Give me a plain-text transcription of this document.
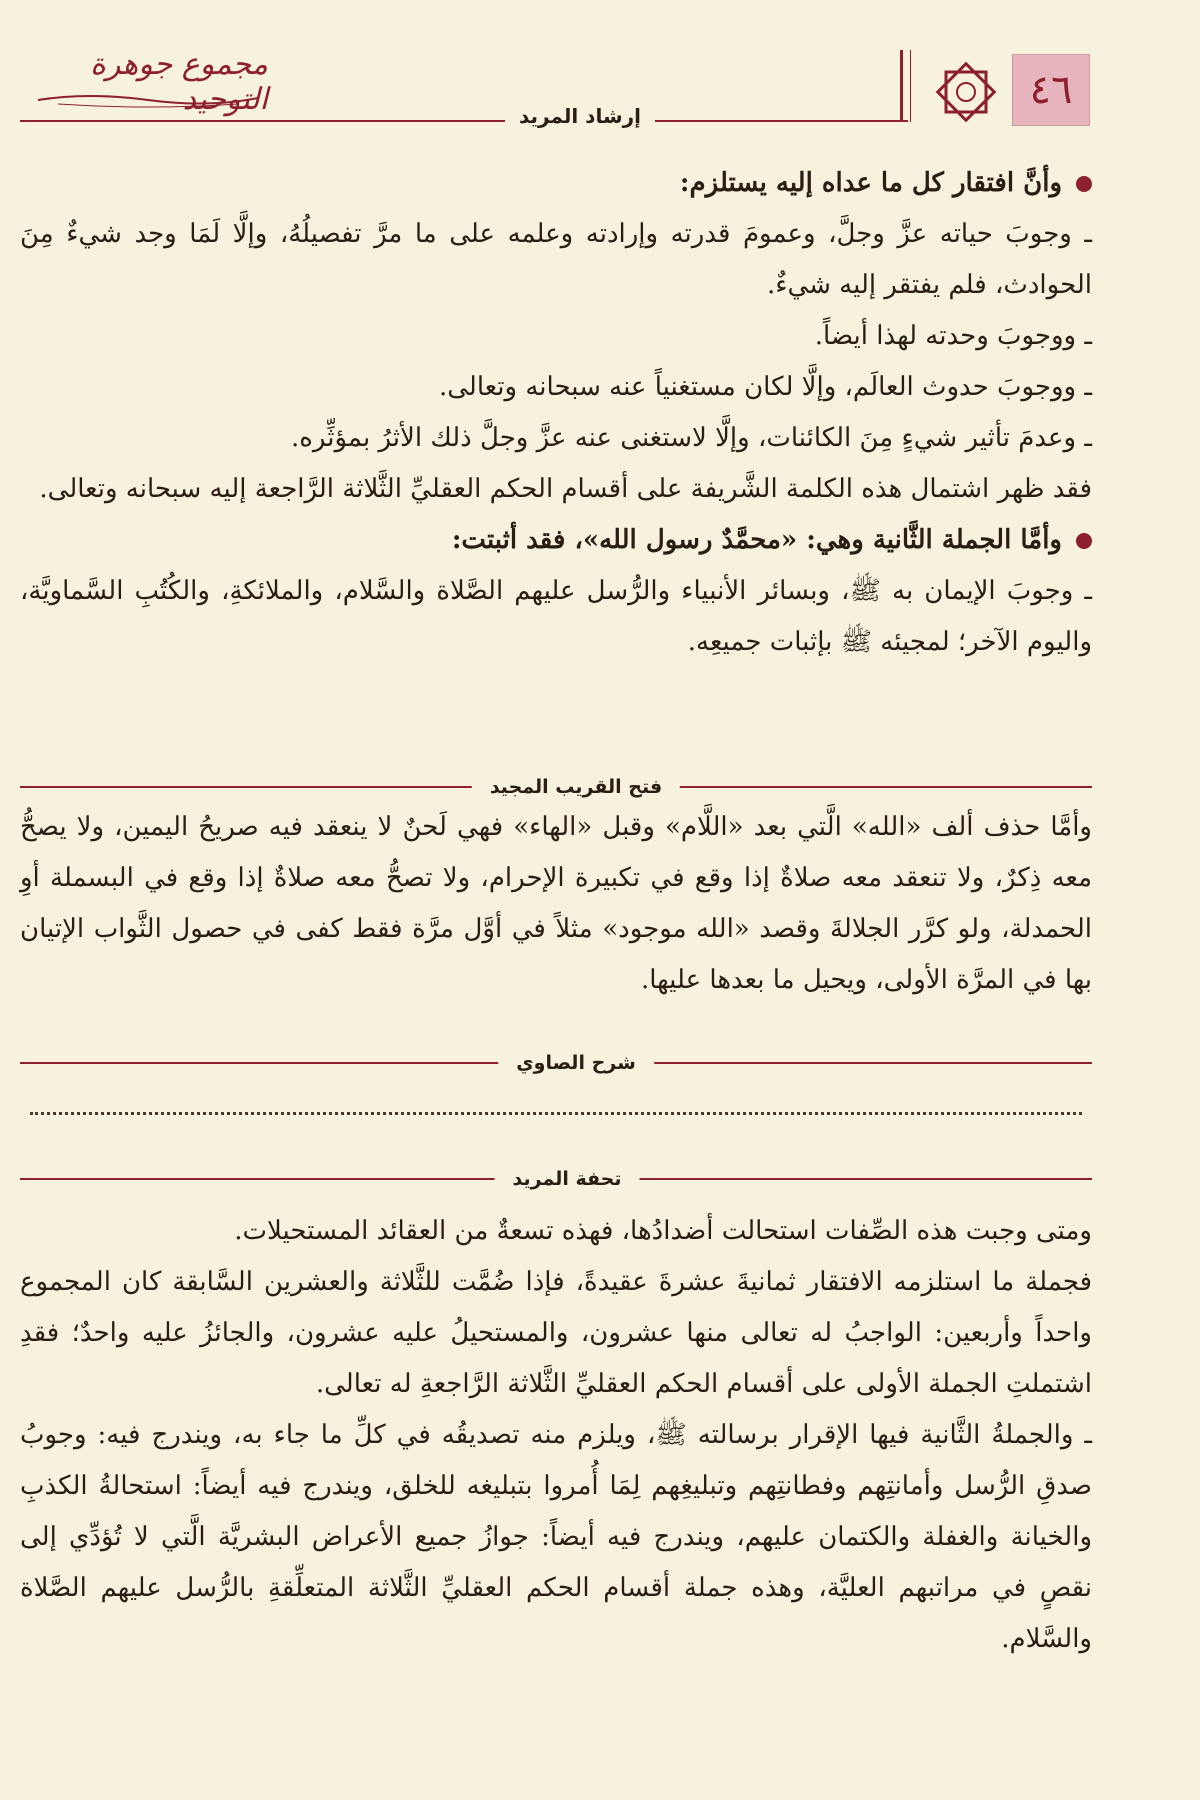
مجموع جوهرة التوحيد	إرشاد المريد
٤٦

وأنَّ افتقار كل ما عداه إليه يستلزم:

ـ وجوبَ حياته عزَّ وجلَّ، وعمومَ قدرته وإرادته وعلمه على ما مرَّ تفصيلُهُ، وإلَّا لَمَا وجد شيءٌ مِنَ الحوادث، فلم يفتقر إليه شيءٌ.

ـ ووجوبَ وحدته لهذا أيضاً.

ـ ووجوبَ حدوث العالَم، وإلَّا لكان مستغنياً عنه سبحانه وتعالى.

ـ وعدمَ تأثير شيءٍ مِنَ الكائنات، وإلَّا لاستغنى عنه عزَّ وجلَّ ذلك الأثرُ بمؤثِّره.

فقد ظهر اشتمال هذه الكلمة الشَّريفة على أقسام الحكم العقليِّ الثَّلاثة الرَّاجعة إليه سبحانه وتعالى.

وأمَّا الجملة الثَّانية وهي: «محمَّدٌ رسول الله»، فقد أثبتت:

ـ وجوبَ الإيمان به ﷺ، وبسائر الأنبياء والرُّسل عليهم الصَّلاة والسَّلام، والملائكةِ، والكُتُبِ السَّماويَّة، واليوم الآخر؛ لمجيئه ﷺ بإثبات جميعِه.

فتح القريب المجيد

وأمَّا حذف ألف «الله» الَّتي بعد «اللَّام» وقبل «الهاء» فهي لَحنٌ لا ينعقد فيه صريحُ اليمين، ولا يصحُّ معه ذِكرٌ، ولا تنعقد معه صلاةٌ إذا وقع في تكبيرة الإحرام، ولا تصحُّ معه صلاةٌ إذا وقع في البسملة أوِ الحمدلة، ولو كرَّر الجلالةَ وقصد «الله موجود» مثلاً في أوَّل مرَّة فقط كفى في حصول الثَّواب الإتيان بها في المرَّة الأولى، ويحيل ما بعدها عليها.

شرح الصاوي
تحفة المريد

ومتى وجبت هذه الصِّفات استحالت أضدادُها، فهذه تسعةٌ من العقائد المستحيلات.

فجملة ما استلزمه الافتقار ثمانيةَ عشرةَ عقيدةً، فإذا ضُمَّت للثَّلاثة والعشرين السَّابقة كان المجموع واحداً وأربعين: الواجبُ له تعالى منها عشرون، والمستحيلُ عليه عشرون، والجائزُ عليه واحدٌ؛ فقدِ اشتملتِ الجملة الأولى على أقسام الحكم العقليِّ الثَّلاثة الرَّاجعةِ له تعالى.

ـ والجملةُ الثَّانية فيها الإقرار برسالته ﷺ، ويلزم منه تصديقُه في كلِّ ما جاء به، ويندرج فيه: وجوبُ صدقِ الرُّسل وأمانتِهم وفطانتِهم وتبليغِهم لِمَا أُمروا بتبليغه للخلق، ويندرج فيه أيضاً: استحالةُ الكذبِ والخيانة والغفلة والكتمان عليهم، ويندرج فيه أيضاً: جوازُ جميع الأعراض البشريَّة الَّتي لا تُؤدِّي إلى نقصٍ في مراتبهم العليَّة، وهذه جملة أقسام الحكم العقليِّ الثَّلاثة المتعلِّقةِ بالرُّسل عليهم الصَّلاة والسَّلام.
